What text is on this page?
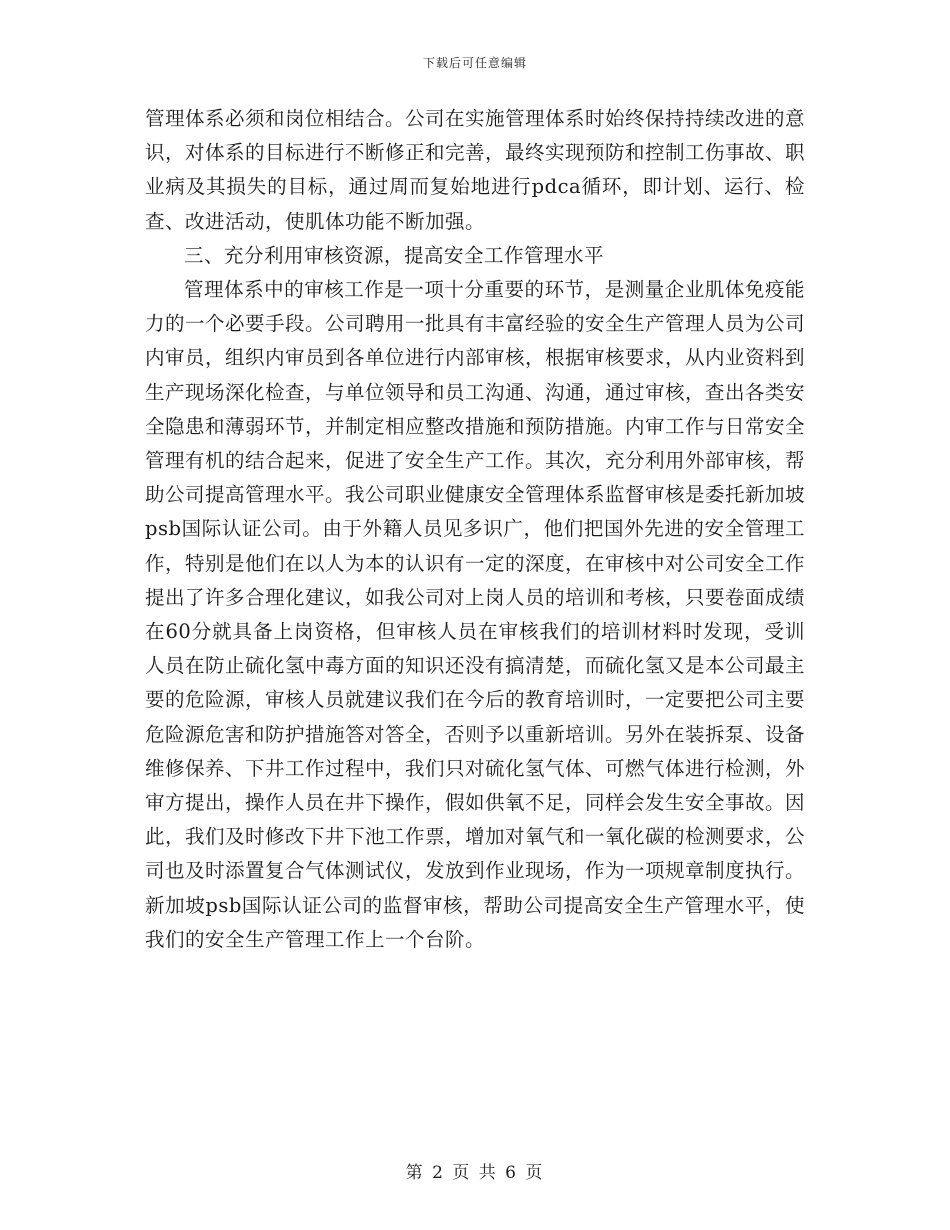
下载后可任意编辑

管理体系必须和岗位相结合。公司在实施管理体系时始终保持持续改进的意识，对体系的目标进行不断修正和完善，最终实现预防和控制工伤事故、职业病及其损失的目标，通过周而复始地进行pdca循环，即计划、运行、检查、改进活动，使肌体功能不断加强。

三、充分利用审核资源，提高安全工作管理水平

管理体系中的审核工作是一项十分重要的环节，是测量企业肌体免疫能力的一个必要手段。公司聘用一批具有丰富经验的安全生产管理人员为公司内审员，组织内审员到各单位进行内部审核，根据审核要求，从内业资料到生产现场深化检查，与单位领导和员工沟通、沟通，通过审核，查出各类安全隐患和薄弱环节，并制定相应整改措施和预防措施。内审工作与日常安全管理有机的结合起来，促进了安全生产工作。其次，充分利用外部审核，帮助公司提高管理水平。我公司职业健康安全管理体系监督审核是委托新加坡psb国际认证公司。由于外籍人员见多识广，他们把国外先进的安全管理工作，特别是他们在以人为本的认识有一定的深度，在审核中对公司安全工作提出了许多合理化建议，如我公司对上岗人员的培训和考核，只要卷面成绩在60分就具备上岗资格，但审核人员在审核我们的培训材料时发现，受训人员在防止硫化氢中毒方面的知识还没有搞清楚，而硫化氢又是本公司最主要的危险源，审核人员就建议我们在今后的教育培训时，一定要把公司主要危险源危害和防护措施答对答全，否则予以重新培训。另外在装拆泵、设备维修保养、下井工作过程中，我们只对硫化氢气体、可燃气体进行检测，外审方提出，操作人员在井下操作，假如供氧不足，同样会发生安全事故。因此，我们及时修改下井下池工作票，增加对氧气和一氧化碳的检测要求，公司也及时添置复合气体测试仪，发放到作业现场，作为一项规章制度执行。新加坡psb国际认证公司的监督审核，帮助公司提高安全生产管理水平，使我们的安全生产管理工作上一个台阶。

第 2 页 共 6 页
